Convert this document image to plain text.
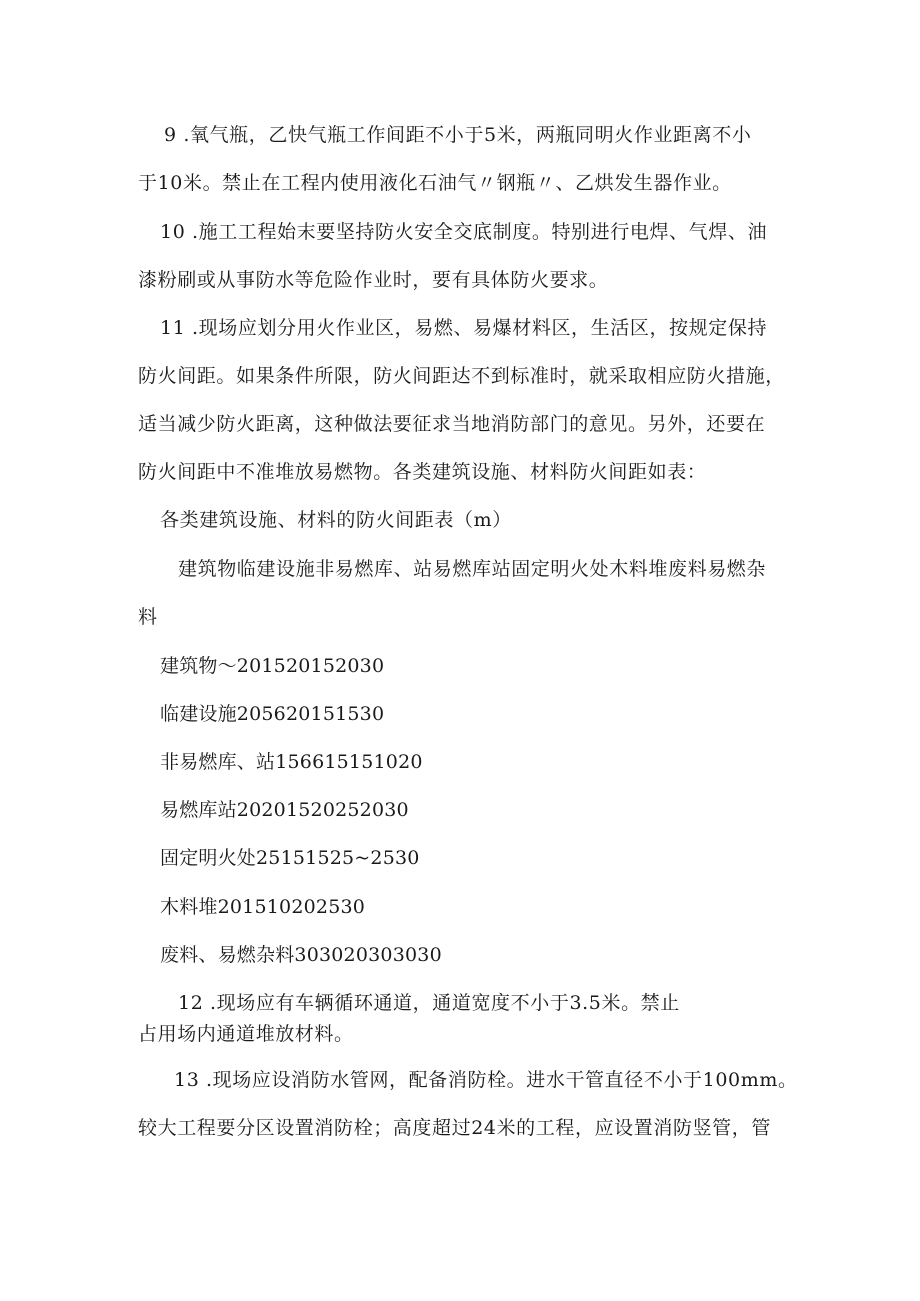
9 .氧气瓶，乙快气瓶工作间距不小于5米，两瓶同明火作业距离不小
于10米。禁止在工程内使用液化石油气〃钢瓶〃、乙烘发生器作业。
10 .施工工程始末要坚持防火安全交底制度。特别进行电焊、气焊、油
漆粉刷或从事防水等危险作业时，要有具体防火要求。
11 .现场应划分用火作业区，易燃、易爆材料区，生活区，按规定保持
防火间距。如果条件所限，防火间距达不到标准时，就采取相应防火措施，
适当减少防火距离，这种做法要征求当地消防部门的意见。另外，还要在
防火间距中不准堆放易燃物。各类建筑设施、材料防火间距如表：
各类建筑设施、材料的防火间距表（m）
建筑物临建设施非易燃库、站易燃库站固定明火处木料堆废料易燃杂
料
建筑物～201520152030
临建设施205620151530
非易燃库、站156615151020
易燃库站20201520252030
固定明火处25151525~2530
木料堆201510202530
废料、易燃杂料303020303030
12 .现场应有车辆循环通道，通道宽度不小于3.5米。禁止
占用场内通道堆放材料。
13 .现场应设消防水管网，配备消防栓。进水干管直径不小于100mm。
较大工程要分区设置消防栓；高度超过24米的工程，应设置消防竖管，管
